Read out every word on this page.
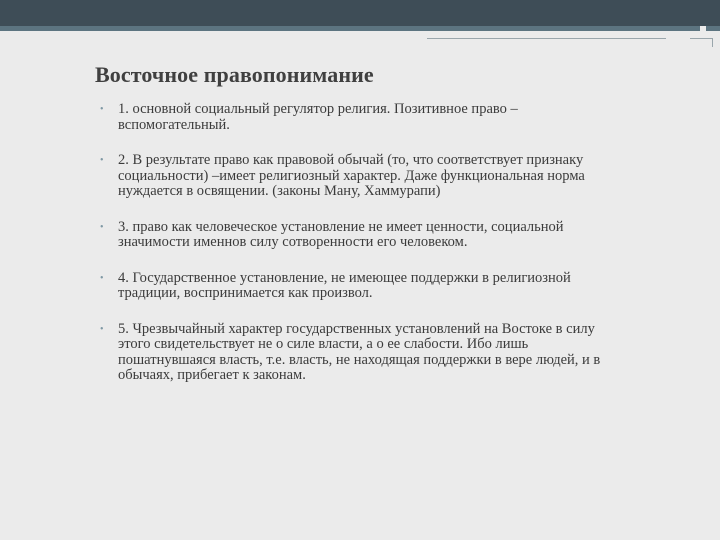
Восточное правопонимание
• 1. основной социальный регулятор религия. Позитивное право – вспомогательный.
• 2. В результате право как правовой обычай (то, что соответствует признаку социальности) –имеет религиозный характер. Даже функциональная норма нуждается в освящении. (законы Ману, Хаммурапи)
• 3. право как человеческое установление не имеет ценности, социальной значимости именнов силу сотворенности его человеком.
• 4. Государственное установление, не имеющее поддержки в религиозной традиции, воспринимается как произвол.
• 5. Чрезвычайный характер государственных установлений на Востоке в силу этого свидетельствует не о силе власти, а о ее слабости. Ибо лишь пошатнувшаяся власть, т.е. власть, не находящая поддержки в вере людей, и в обычаях, прибегает к законам.
